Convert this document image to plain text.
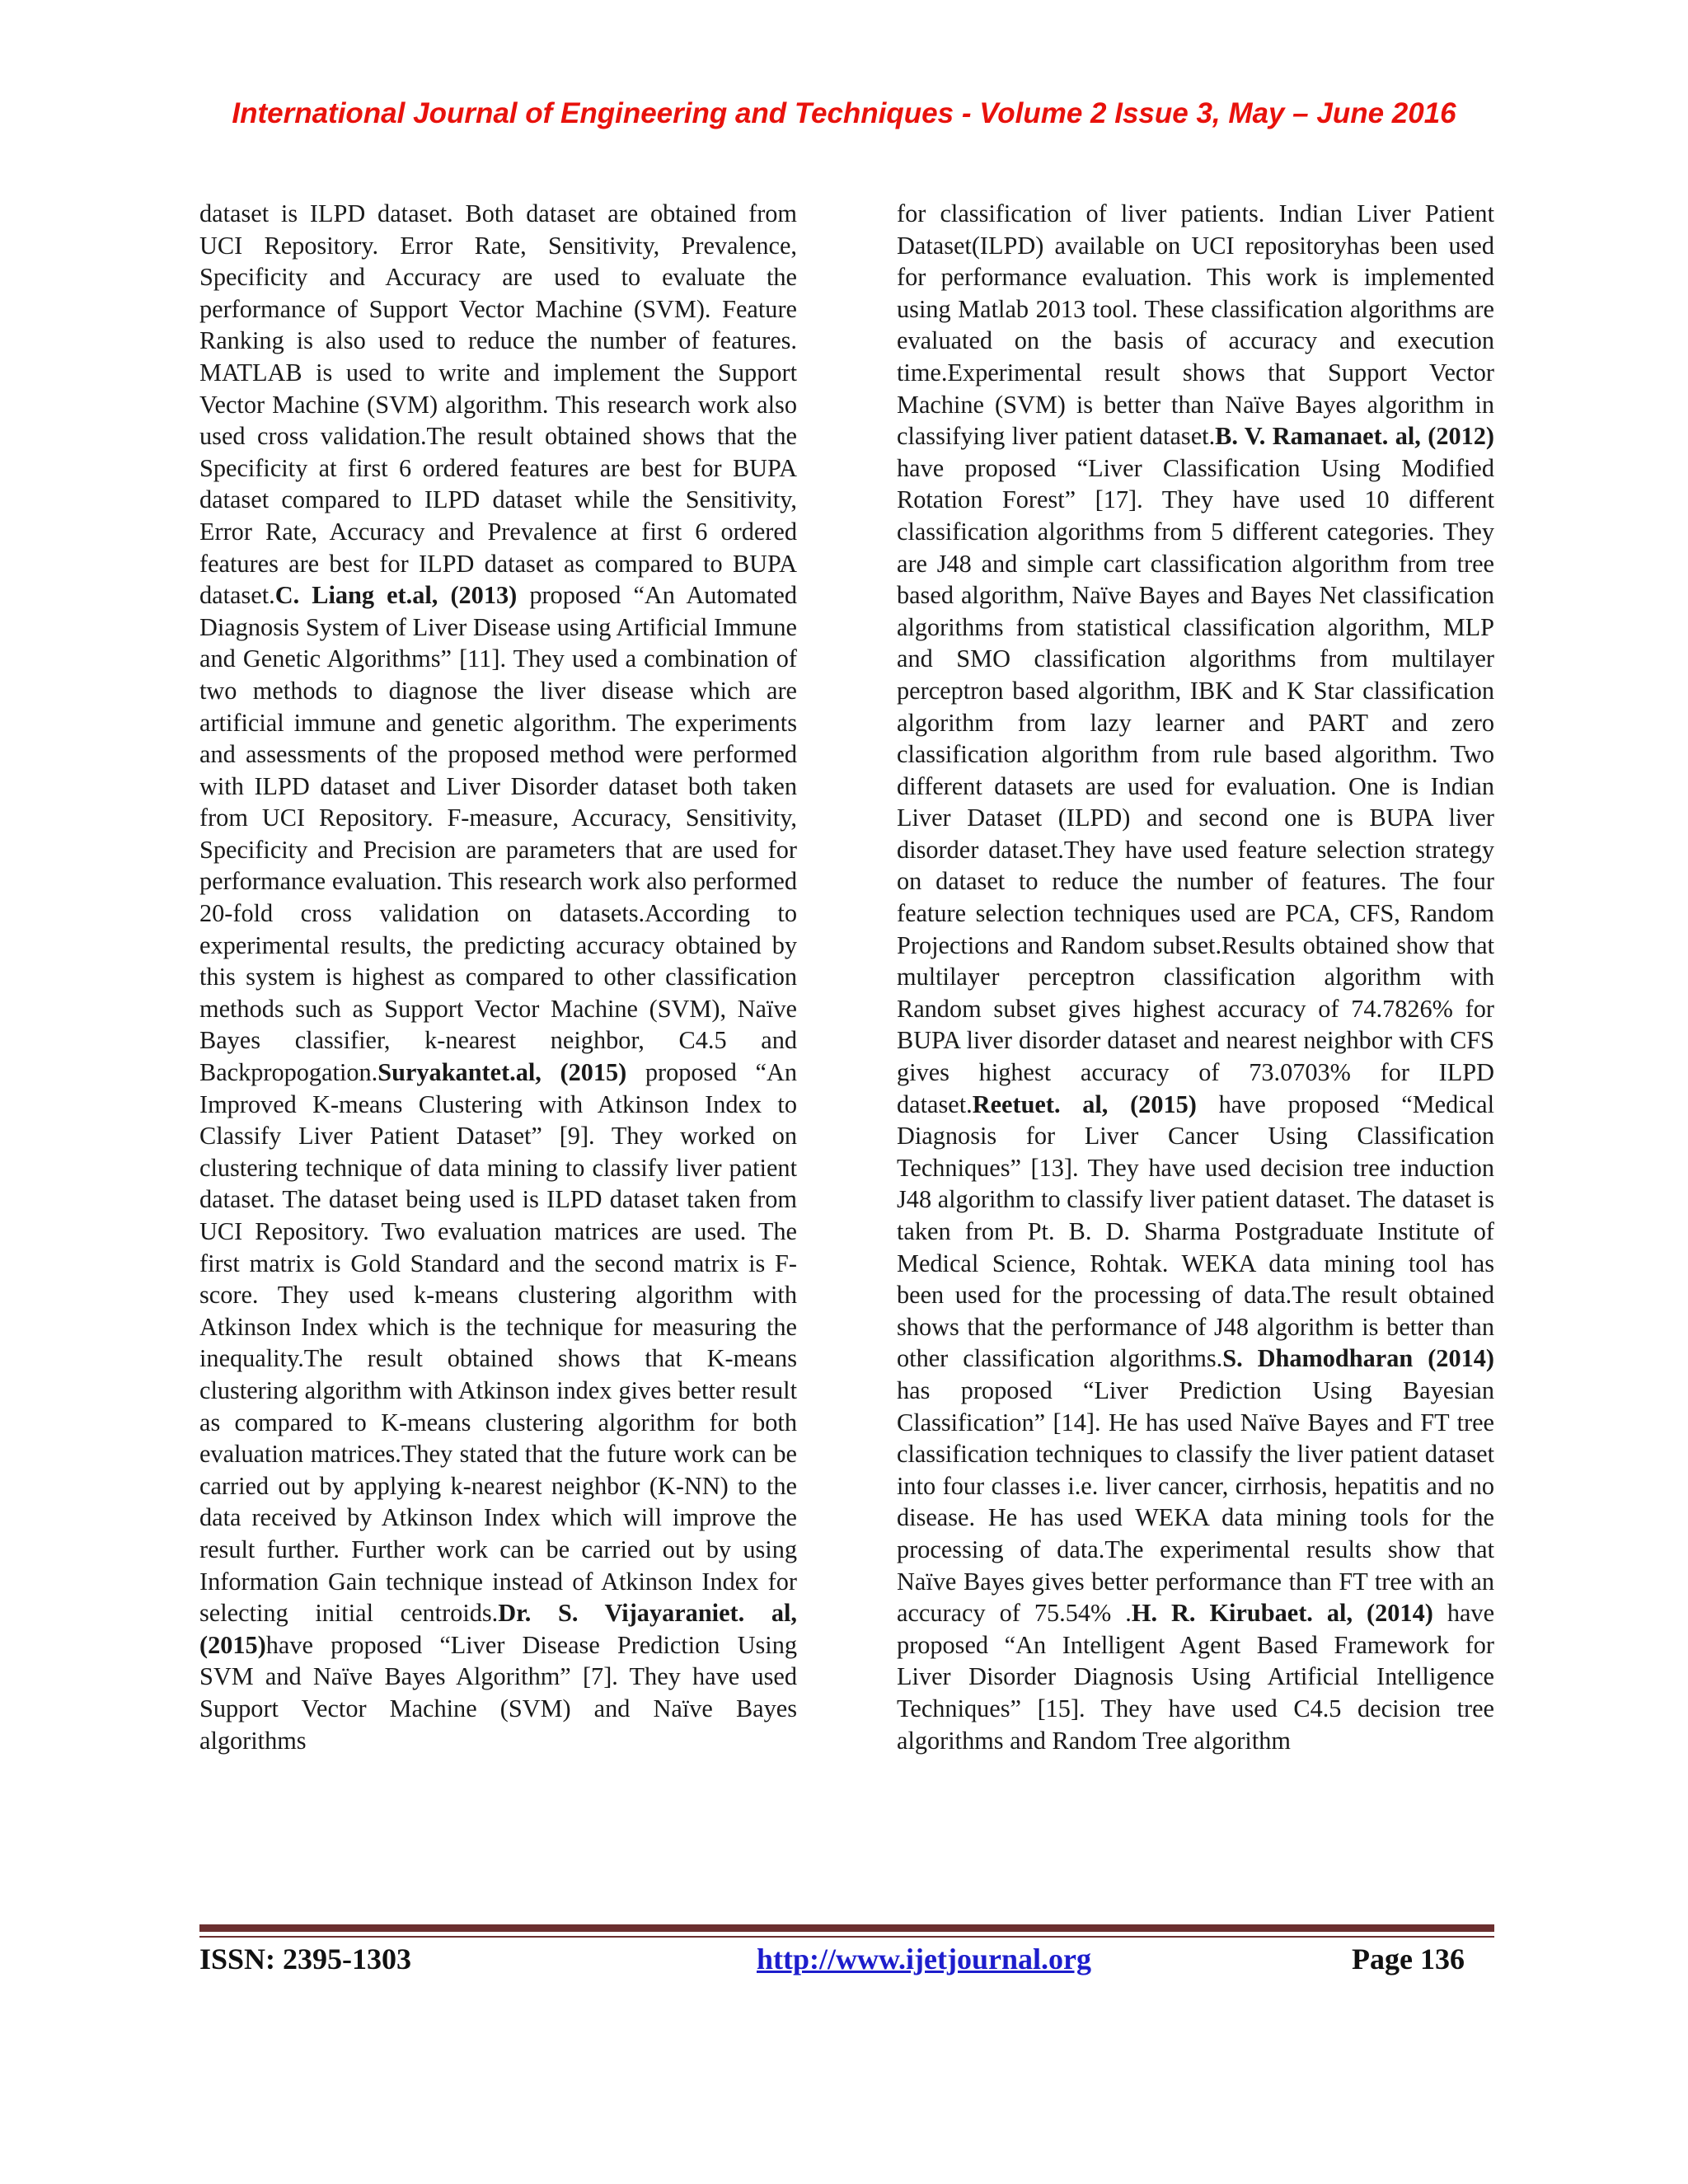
International Journal of Engineering and Techniques - Volume 2 Issue 3, May – June 2016

dataset is ILPD dataset. Both dataset are obtained from UCI Repository. Error Rate, Sensitivity, Prevalence, Specificity and Accuracy are used to evaluate the performance of Support Vector Machine (SVM). Feature Ranking is also used to reduce the number of features. MATLAB is used to write and implement the Support Vector Machine (SVM) algorithm. This research work also used cross validation.The result obtained shows that the Specificity at first 6 ordered features are best for BUPA dataset compared to ILPD dataset while the Sensitivity, Error Rate, Accuracy and Prevalence at first 6 ordered features are best for ILPD dataset as compared to BUPA dataset.C. Liang et.al, (2013) proposed “An Automated Diagnosis System of Liver Disease using Artificial Immune and Genetic Algorithms” [11]. They used a combination of two methods to diagnose the liver disease which are artificial immune and genetic algorithm. The experiments and assessments of the proposed method were performed with ILPD dataset and Liver Disorder dataset both taken from UCI Repository. F-measure, Accuracy, Sensitivity, Specificity and Precision are parameters that are used for performance evaluation. This research work also performed 20-fold cross validation on datasets.According to experimental results, the predicting accuracy obtained by this system is highest as compared to other classification methods such as Support Vector Machine (SVM), Naïve Bayes classifier, k-nearest neighbor, C4.5 and Backpropogation.Suryakantet.al, (2015) proposed “An Improved K-means Clustering with Atkinson Index to Classify Liver Patient Dataset” [9]. They worked on clustering technique of data mining to classify liver patient dataset. The dataset being used is ILPD dataset taken from UCI Repository. Two evaluation matrices are used. The first matrix is Gold Standard and the second matrix is F-score. They used k-means clustering algorithm with Atkinson Index which is the technique for measuring the inequality.The result obtained shows that K-means clustering algorithm with Atkinson index gives better result as compared to K-means clustering algorithm for both evaluation matrices.They stated that the future work can be carried out by applying k-nearest neighbor (K-NN) to the data received by Atkinson Index which will improve the result further. Further work can be carried out by using Information Gain technique instead of Atkinson Index for selecting initial centroids.Dr. S. Vijayaraniet. al, (2015)have proposed “Liver Disease Prediction Using SVM and Naïve Bayes Algorithm” [7]. They have used Support Vector Machine (SVM) and Naïve Bayes algorithms

for classification of liver patients. Indian Liver Patient Dataset(ILPD) available on UCI repositoryhas been used for performance evaluation. This work is implemented using Matlab 2013 tool. These classification algorithms are evaluated on the basis of accuracy and execution time.Experimental result shows that Support Vector Machine (SVM) is better than Naïve Bayes algorithm in classifying liver patient dataset.B. V. Ramanaet. al, (2012) have proposed “Liver Classification Using Modified Rotation Forest” [17]. They have used 10 different classification algorithms from 5 different categories. They are J48 and simple cart classification algorithm from tree based algorithm, Naïve Bayes and Bayes Net classification algorithms from statistical classification algorithm, MLP and SMO classification algorithms from multilayer perceptron based algorithm, IBK and K Star classification algorithm from lazy learner and PART and zero classification algorithm from rule based algorithm. Two different datasets are used for evaluation. One is Indian Liver Dataset (ILPD) and second one is BUPA liver disorder dataset.They have used feature selection strategy on dataset to reduce the number of features. The four feature selection techniques used are PCA, CFS, Random Projections and Random subset.Results obtained show that multilayer perceptron classification algorithm with Random subset gives highest accuracy of 74.7826% for BUPA liver disorder dataset and nearest neighbor with CFS gives highest accuracy of 73.0703% for ILPD dataset.Reetuet. al, (2015) have proposed “Medical Diagnosis for Liver Cancer Using Classification Techniques” [13]. They have used decision tree induction J48 algorithm to classify liver patient dataset. The dataset is taken from Pt. B. D. Sharma Postgraduate Institute of Medical Science, Rohtak. WEKA data mining tool has been used for the processing of data.The result obtained shows that the performance of J48 algorithm is better than other classification algorithms.S. Dhamodharan (2014) has proposed “Liver Prediction Using Bayesian Classification” [14]. He has used Naïve Bayes and FT tree classification techniques to classify the liver patient dataset into four classes i.e. liver cancer, cirrhosis, hepatitis and no disease. He has used WEKA data mining tools for the processing of data.The experimental results show that Naïve Bayes gives better performance than FT tree with an accuracy of 75.54% .H. R. Kirubaet. al, (2014) have proposed “An Intelligent Agent Based Framework for Liver Disorder Diagnosis Using Artificial Intelligence Techniques” [15]. They have used C4.5 decision tree algorithms and Random Tree algorithm

ISSN: 2395-1303	http://www.ijetjournal.org	Page 136
